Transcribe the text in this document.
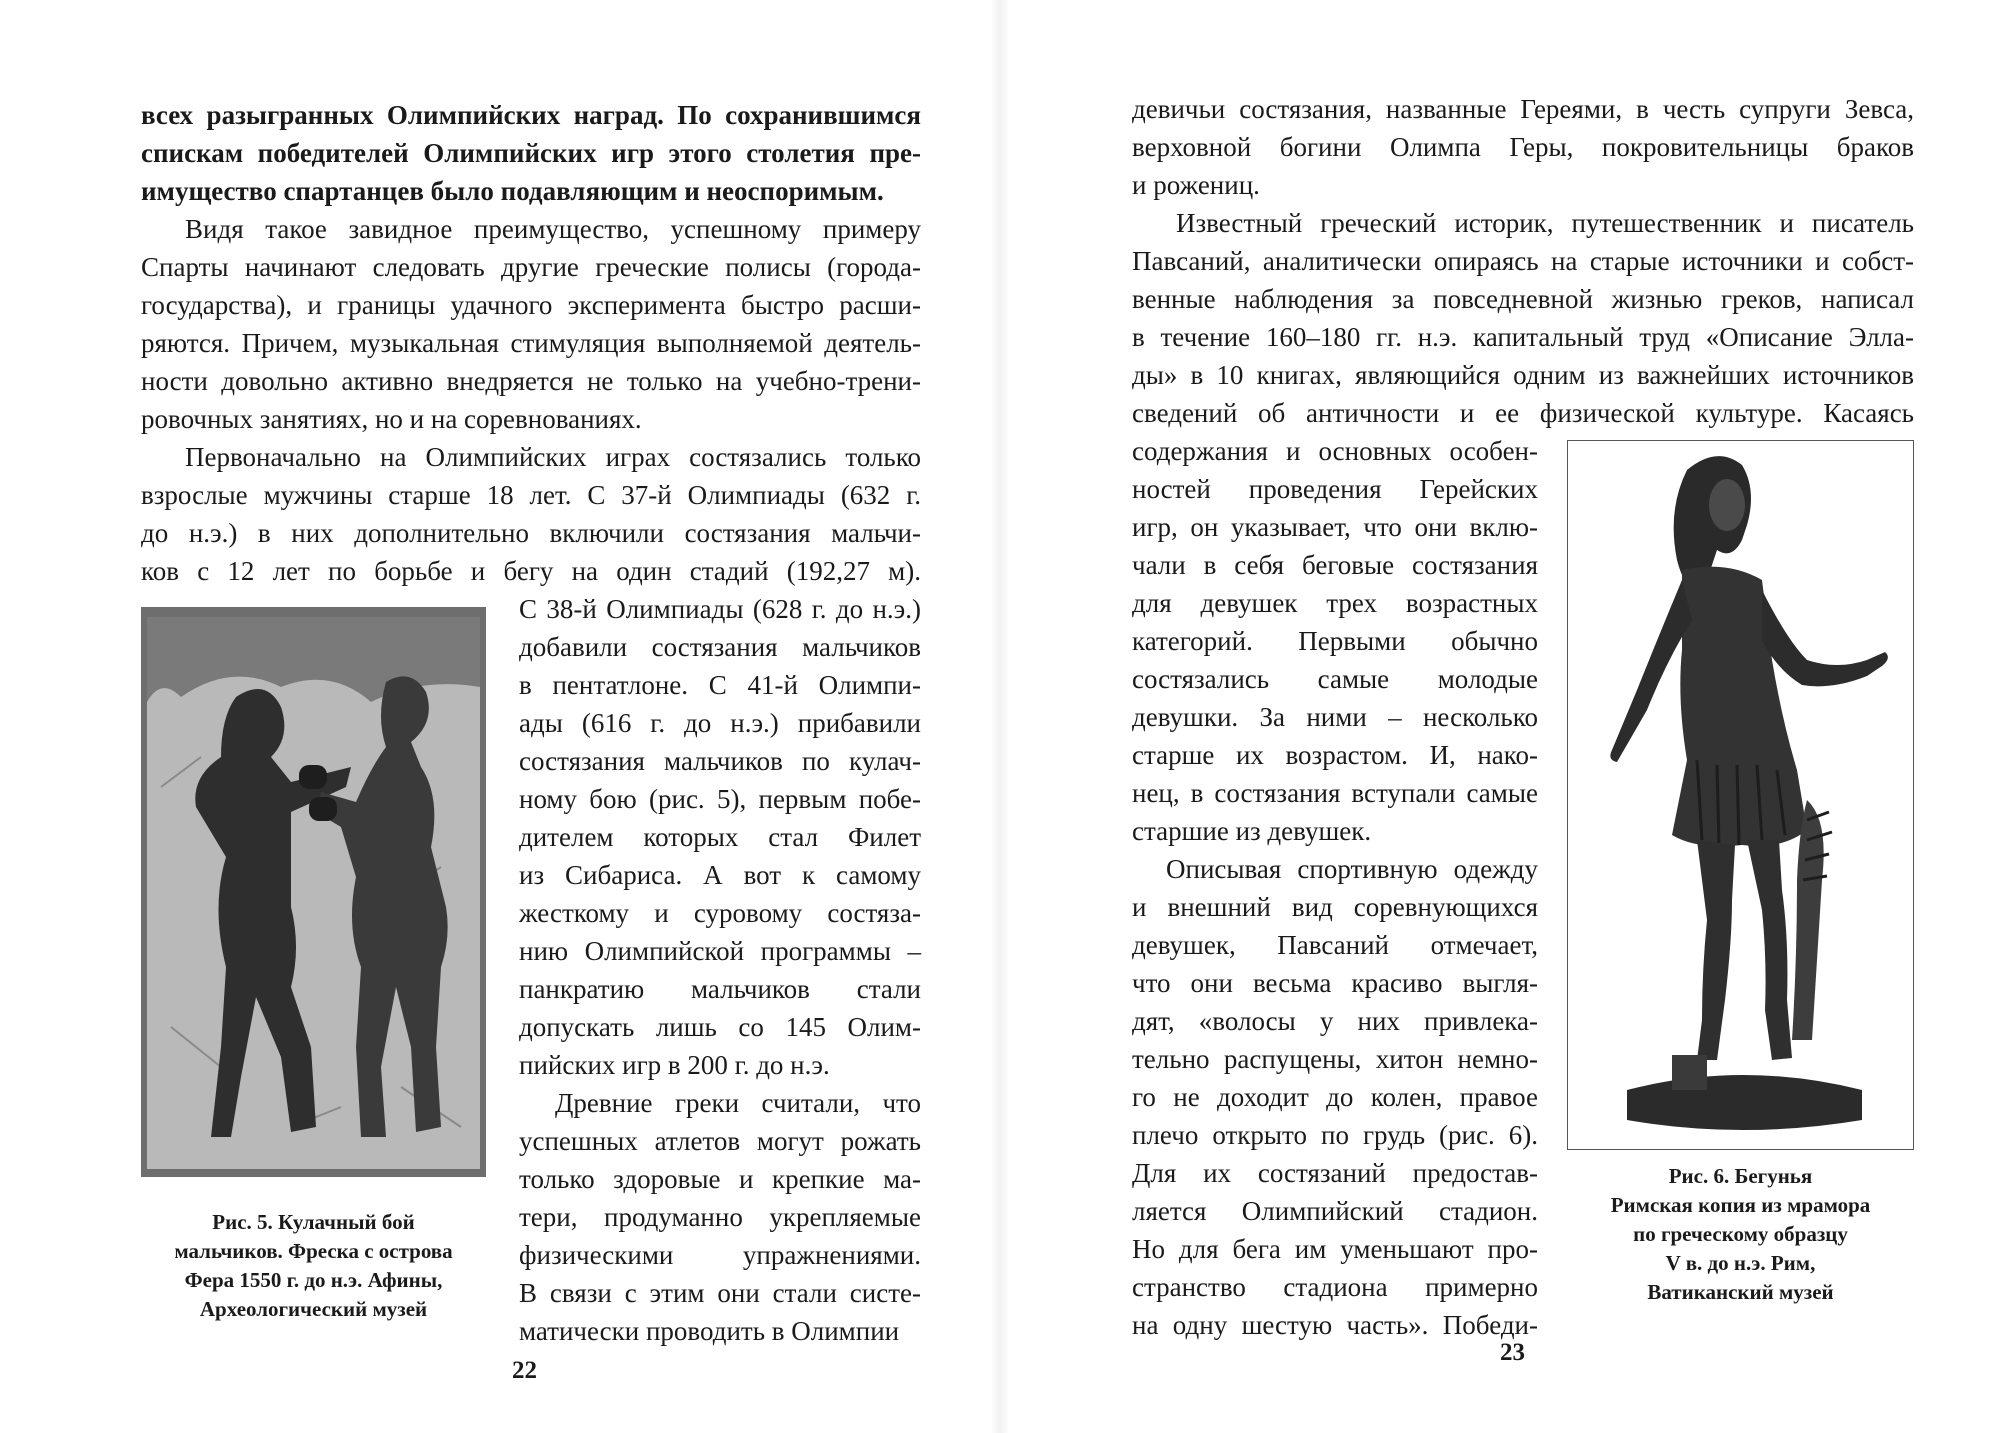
всех разыгранных Олимпийских наград. По сохранившимся
спискам победителей Олимпийских игр этого столетия пре-
имущество спартанцев было подавляющим и неоспоримым.
Видя такое завидное преимущество, успешному примеру
Спарты начинают следовать другие греческие полисы (города-
государства), и границы удачного эксперимента быстро расши-
ряются. Причем, музыкальная стимуляция выполняемой деятель-
ности довольно активно внедряется не только на учебно-трени-
ровочных занятиях, но и на соревнованиях.
Первоначально на Олимпийских играх состязались только
взрослые мужчины старше 18 лет. С 37-й Олимпиады (632 г.
до н.э.) в них дополнительно включили состязания мальчи-
ков с 12 лет по борьбе и бегу на один стадий (192,27 м).
С 38-й Олимпиады (628 г. до н.э.)
добавили состязания мальчиков
в пентатлоне. С 41-й Олимпи-
ады (616 г. до н.э.) прибавили
состязания мальчиков по кулач-
ному бою (рис. 5), первым побе-
дителем которых стал Филет
из Сибариса. А вот к самому
жесткому и суровому состяза-
нию Олимпийской программы –
панкратию мальчиков стали
допускать лишь со 145 Олим-
пийских игр в 200 г. до н.э.
Древние греки считали, что
успешных атлетов могут рожать
только здоровые и крепкие ма-
тери, продуманно укрепляемые
физическими упражнениями.
В связи с этим они стали систе-
матически проводить в Олимпии
Рис. 5. Кулачный бой
мальчиков. Фреска с острова
Фера 1550 г. до н.э. Афины,
Археологический музей
22
девичьи состязания, названные Гереями, в честь супруги Зевса,
верховной богини Олимпа Геры, покровительницы браков
и рожениц.
Известный греческий историк, путешественник и писатель
Павсаний, аналитически опираясь на старые источники и собст-
венные наблюдения за повседневной жизнью греков, написал
в течение 160–180 гг. н.э. капитальный труд «Описание Элла-
ды» в 10 книгах, являющийся одним из важнейших источников
сведений об античности и ее физической культуре. Касаясь
содержания и основных особен-
ностей проведения Герейских
игр, он указывает, что они вклю-
чали в себя беговые состязания
для девушек трех возрастных
категорий. Первыми обычно
состязались самые молодые
девушки. За ними – несколько
старше их возрастом. И, нако-
нец, в состязания вступали самые
старшие из девушек.
Описывая спортивную одежду
и внешний вид соревнующихся
девушек, Павсаний отмечает,
что они весьма красиво выгля-
дят, «волосы у них привлека-
тельно распущены, хитон немно-
го не доходит до колен, правое
плечо открыто по грудь (рис. 6).
Для их состязаний предостав-
ляется Олимпийский стадион.
Но для бега им уменьшают про-
странство стадиона примерно
на одну шестую часть». Победи-
Рис. 6. Бегунья
Римская копия из мрамора
по греческому образцу
V в. до н.э. Рим,
Ватиканский музей
23
